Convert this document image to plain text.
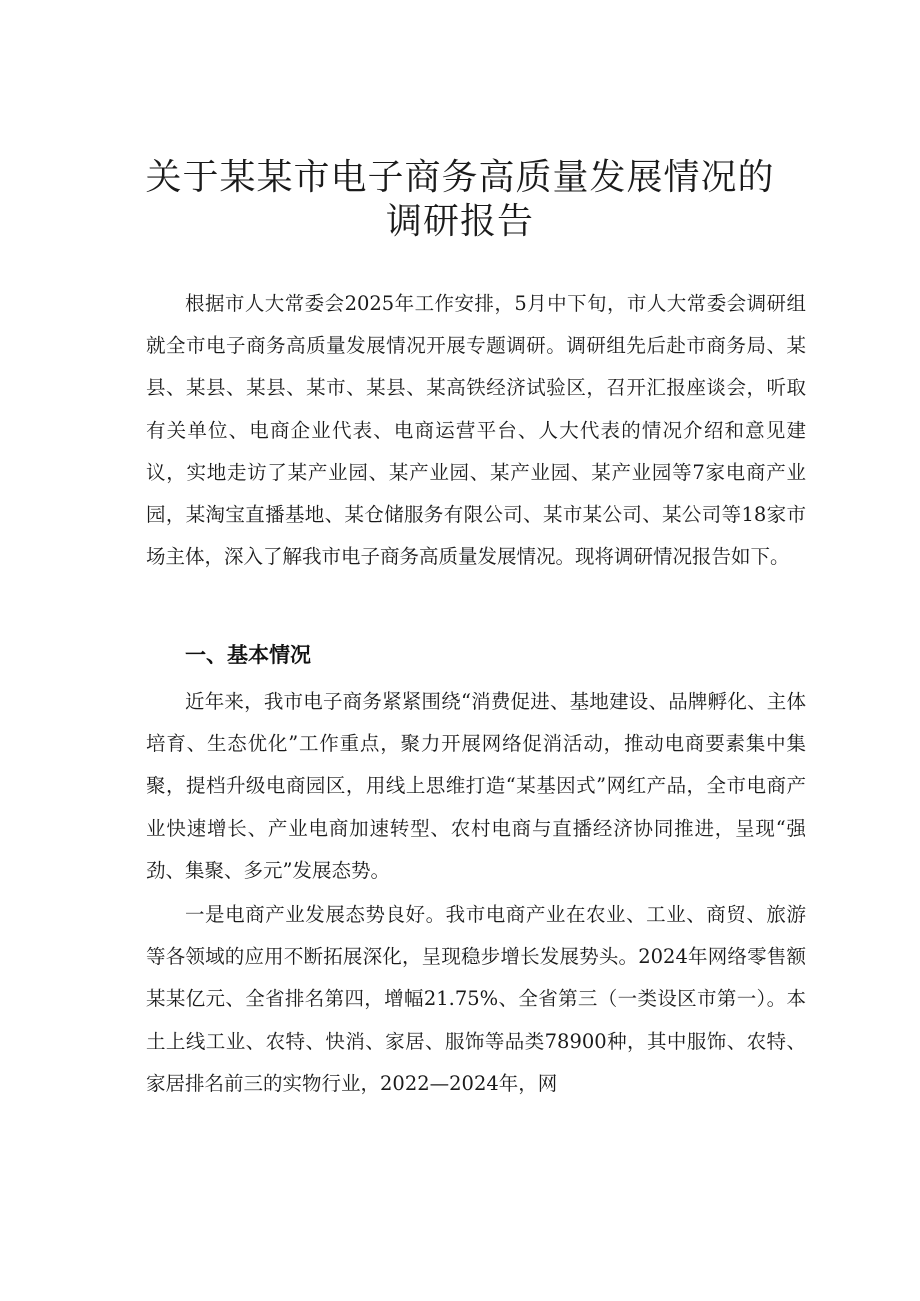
关于某某市电子商务高质量发展情况的
调研报告

根据市人大常委会2025年工作安排，5月中下旬，市人大常委会调研组就全市电子商务高质量发展情况开展专题调研。调研组先后赴市商务局、某县、某县、某县、某市、某县、某高铁经济试验区，召开汇报座谈会，听取有关单位、电商企业代表、电商运营平台、人大代表的情况介绍和意见建议，实地走访了某产业园、某产业园、某产业园、某产业园等7家电商产业园，某淘宝直播基地、某仓储服务有限公司、某市某公司、某公司等18家市场主体，深入了解我市电子商务高质量发展情况。现将调研情况报告如下。

一、基本情况

近年来，我市电子商务紧紧围绕“消费促进、基地建设、品牌孵化、主体培育、生态优化”工作重点，聚力开展网络促消活动，推动电商要素集中集聚，提档升级电商园区，用线上思维打造“某基因式”网红产品，全市电商产业快速增长、产业电商加速转型、农村电商与直播经济协同推进，呈现“强劲、集聚、多元”发展态势。

一是电商产业发展态势良好。我市电商产业在农业、工业、商贸、旅游等各领域的应用不断拓展深化，呈现稳步增长发展势头。2024年网络零售额某某亿元、全省排名第四，增幅21.75%、全省第三（一类设区市第一）。本土上线工业、农特、快消、家居、服饰等品类78900种，其中服饰、农特、家居排名前三的实物行业，2022—2024年，网
